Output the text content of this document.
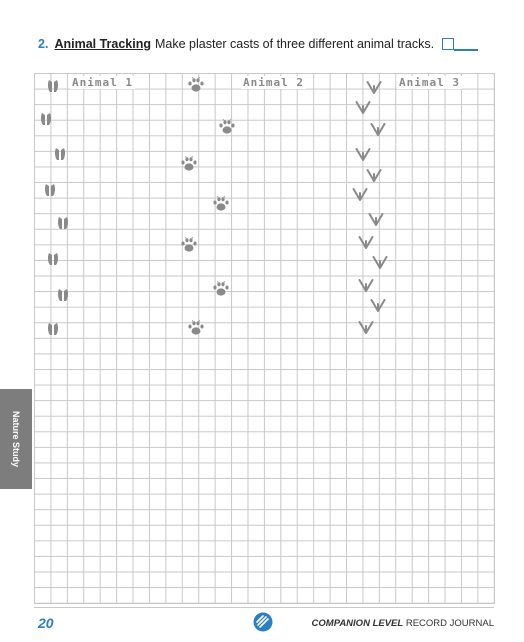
2. Animal Tracking Make plaster casts of three different animal tracks.
Animal 1	Animal 2	Animal 3
Nature Study
20	COMPANION LEVEL RECORD JOURNAL
